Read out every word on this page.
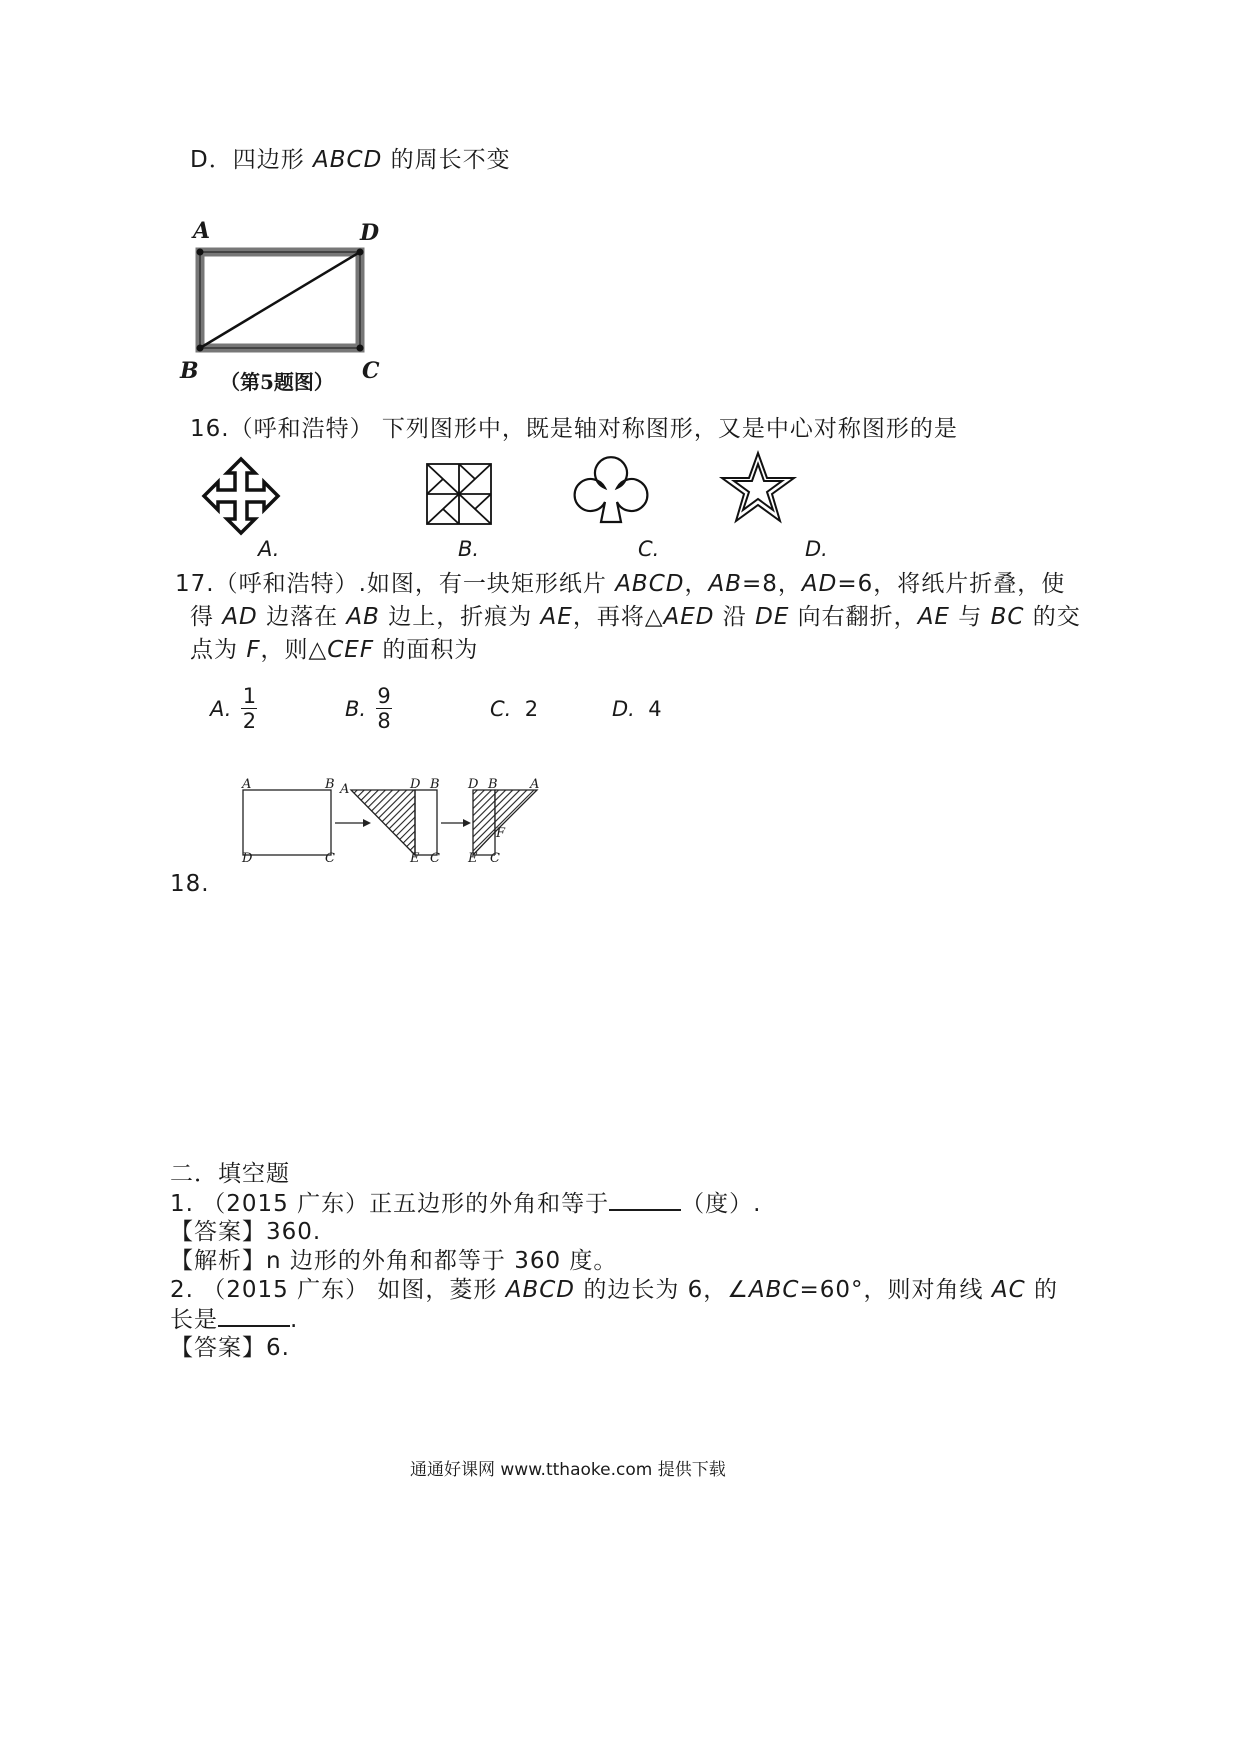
D．四边形 ABCD 的周长不变
A	D
B	C
（第5题图）
16.（呼和浩特） 下列图形中，既是轴对称图形，又是中心对称图形的是
A.	B.	C.	D.
17.（呼和浩特）.如图，有一块矩形纸片 ABCD，AB=8，AD=6，将纸片折叠，使
得 AD 边落在 AB 边上，折痕为 AE，再将△AED 沿 DE 向右翻折，AE 与 BC 的交
点为 F，则△CEF 的面积为
A. $\frac{1}{2}$	B. $\frac{9}{8}$	C. 2	D. 4
A	B
D	C
A	D B
E C
D B A
F
E C
18.
二．填空题
1. （2015 广东）正五边形的外角和等于	（度）.
【答案】360.
【解析】n 边形的外角和都等于 360 度。
2. （2015 广东） 如图，菱形 ABCD 的边长为 6，∠ABC=60°，则对角线 AC 的
长是	.
【答案】6.
通通好课网 www.tthaoke.com 提供下载
